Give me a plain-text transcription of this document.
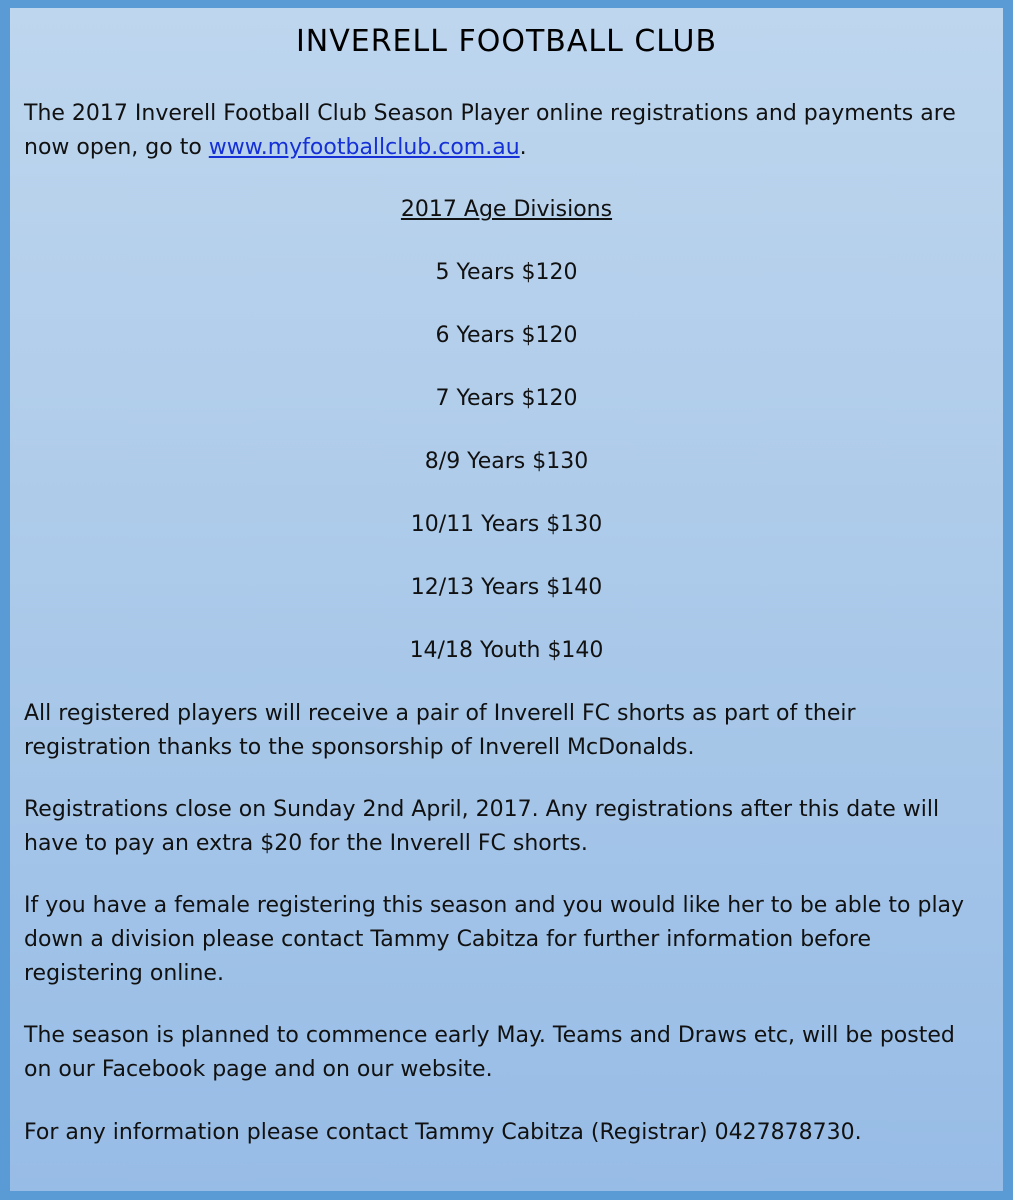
INVERELL FOOTBALL CLUB

The 2017 Inverell Football Club Season Player online registrations and payments are now open, go to www.myfootballclub.com.au.

2017 Age Divisions
5 Years $120
6 Years $120
7 Years $120
8/9 Years $130
10/11 Years $130
12/13 Years $140
14/18 Youth $140

All registered players will receive a pair of Inverell FC shorts as part of their registration thanks to the sponsorship of Inverell McDonalds.

Registrations close on Sunday 2nd April, 2017. Any registrations after this date will have to pay an extra $20 for the Inverell FC shorts.

If you have a female registering this season and you would like her to be able to play down a division please contact Tammy Cabitza for further information before registering online.

The season is planned to commence early May. Teams and Draws etc, will be posted on our Facebook page and on our website.

For any information please contact Tammy Cabitza (Registrar) 0427878730.
